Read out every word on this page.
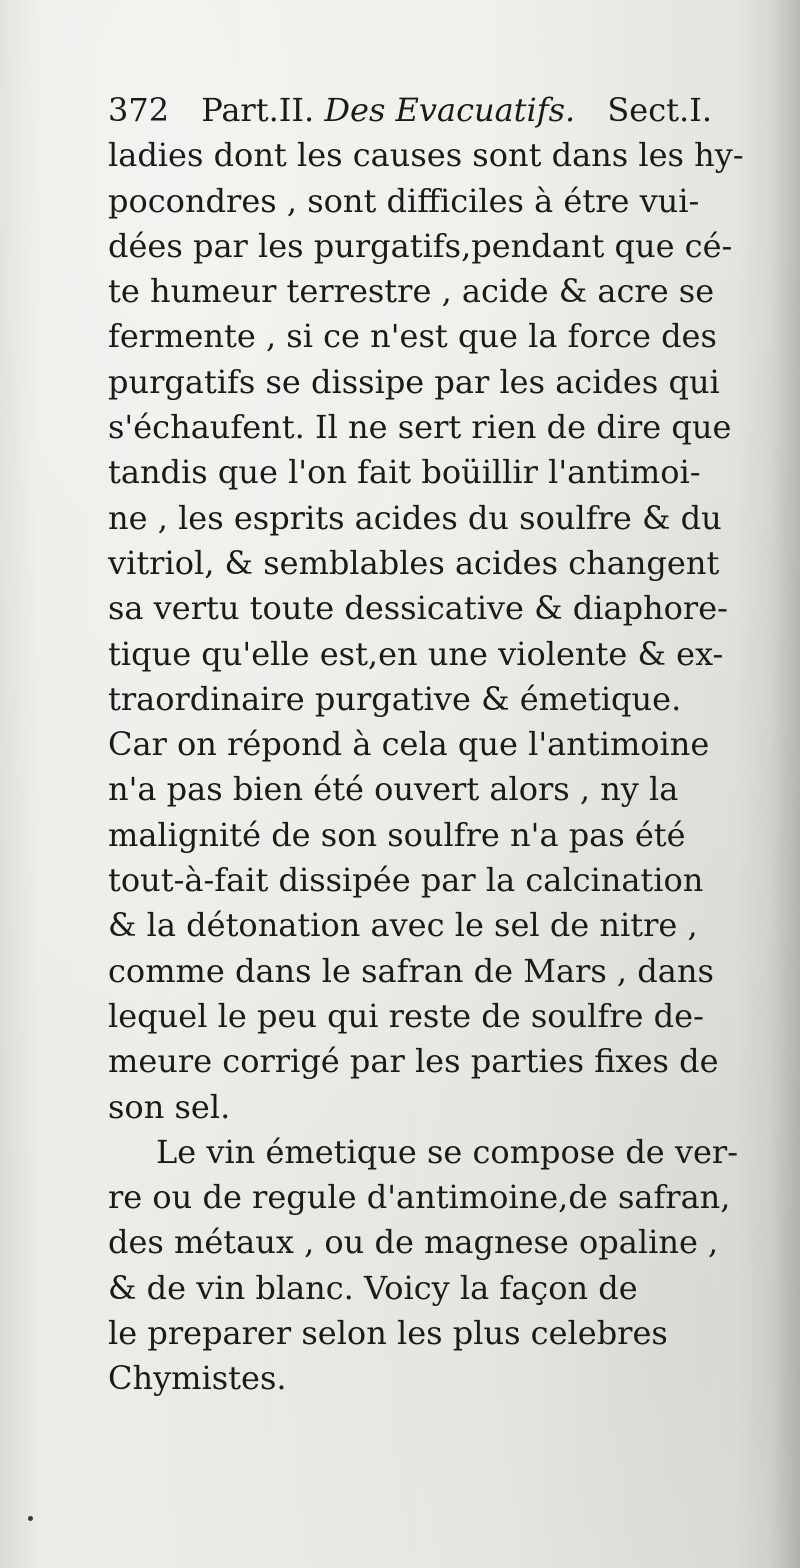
372	Part.II. Des Evacuatifs.	Sect.I.
ladies dont les causes sont dans les hy-
pocondres , sont difficiles à étre vui-
dées par les purgatifs,pendant que cé-
te humeur terrestre , acide & acre se
fermente , si ce n'est que la force des
purgatifs se dissipe par les acides qui
s'échaufent. Il ne sert rien de dire que
tandis que l'on fait boüillir l'antimoi-
ne , les esprits acides du soulfre & du
vitriol, & semblables acides changent
sa vertu toute dessicative & diaphore-
tique qu'elle est,en une violente & ex-
traordinaire purgative & émetique.
Car on répond à cela que l'antimoine
n'a pas bien été ouvert alors , ny la
malignité de son soulfre n'a pas été
tout-à-fait dissipée par la calcination
& la détonation avec le sel de nitre ,
comme dans le safran de Mars , dans
lequel le peu qui reste de soulfre de-
meure corrigé par les parties fixes de
son sel.
Le vin émetique se compose de ver-
re ou de regule d'antimoine,de safran,
des métaux , ou de magnese opaline ,
& de vin blanc. Voicy la façon de
le preparer selon les plus celebres
Chymistes.
